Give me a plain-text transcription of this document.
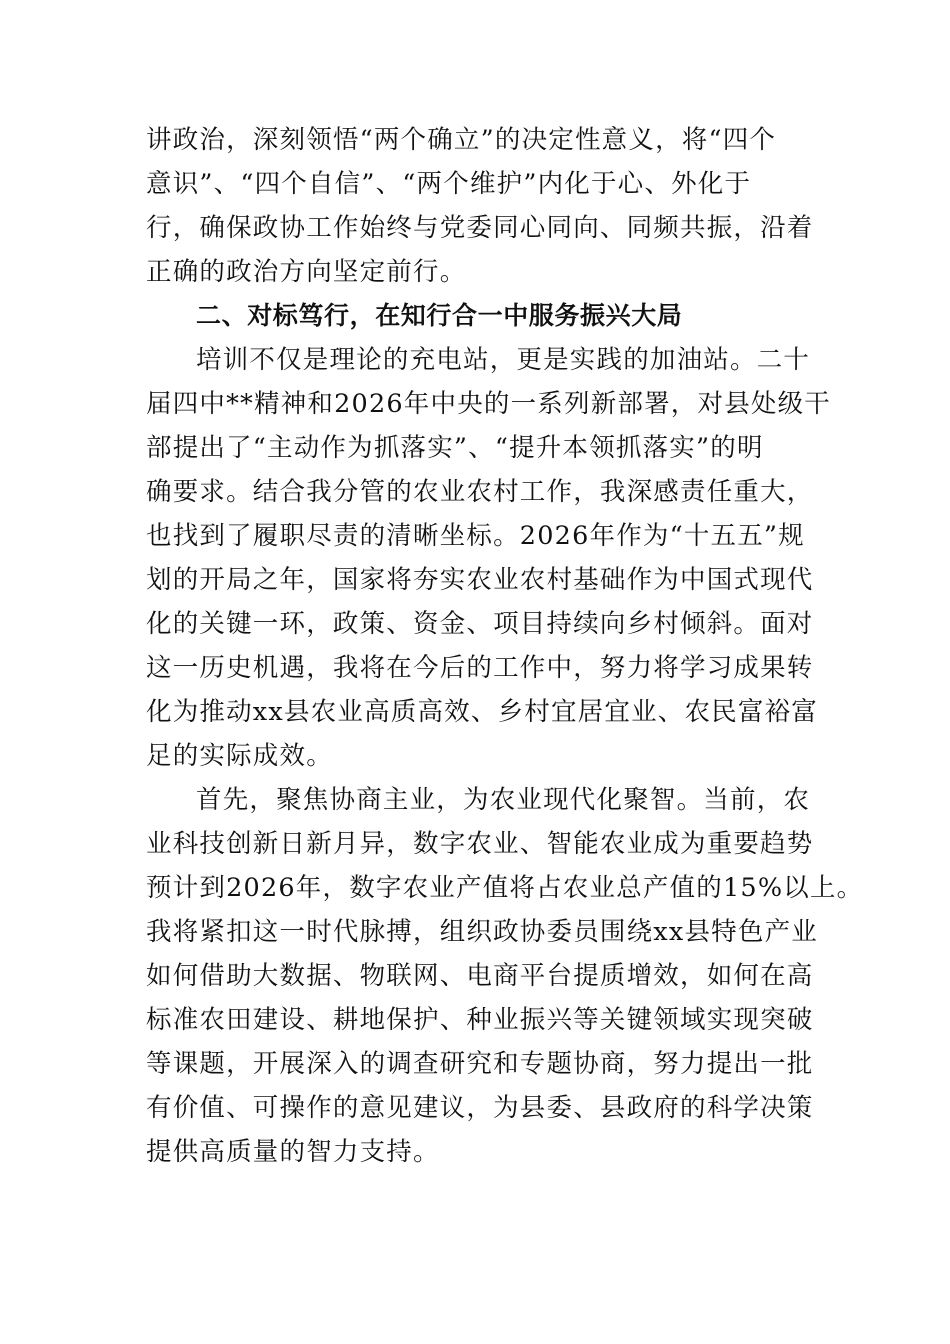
讲政治，深刻领悟“两个确立”的决定性意义，将“四个
意识”、“四个自信”、“两个维护”内化于心、外化于
行，确保政协工作始终与党委同心同向、同频共振，沿着
正确的政治方向坚定前行。
二、对标笃行，在知行合一中服务振兴大局
培训不仅是理论的充电站，更是实践的加油站。二十
届四中**精神和2026年中央的一系列新部署，对县处级干
部提出了“主动作为抓落实”、“提升本领抓落实”的明
确要求。结合我分管的农业农村工作，我深感责任重大，
也找到了履职尽责的清晰坐标。2026年作为“十五五”规
划的开局之年，国家将夯实农业农村基础作为中国式现代
化的关键一环，政策、资金、项目持续向乡村倾斜。面对
这一历史机遇，我将在今后的工作中，努力将学习成果转
化为推动xx县农业高质高效、乡村宜居宜业、农民富裕富
足的实际成效。
首先，聚焦协商主业，为农业现代化聚智。当前，农
业科技创新日新月异，数字农业、智能农业成为重要趋势
预计到2026年，数字农业产值将占农业总产值的15%以上。
我将紧扣这一时代脉搏，组织政协委员围绕xx县特色产业
如何借助大数据、物联网、电商平台提质增效，如何在高
标准农田建设、耕地保护、种业振兴等关键领域实现突破
等课题，开展深入的调查研究和专题协商，努力提出一批
有价值、可操作的意见建议，为县委、县政府的科学决策
提供高质量的智力支持。
